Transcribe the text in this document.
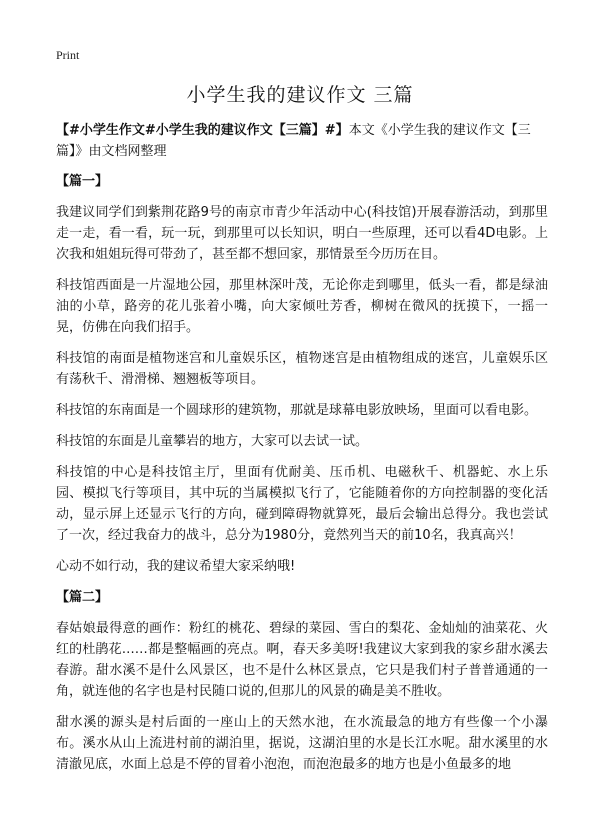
Print
小学生我的建议作文 三篇

【#小学生作文#小学生我的建议作文【三篇】#】本文《小学生我的建议作文【三篇】》由文档网整理

【篇一】

我建议同学们到紫荆花路9号的南京市青少年活动中心(科技馆)开展春游活动，到那里走一走，看一看，玩一玩，到那里可以长知识，明白一些原理，还可以看4D电影。上次我和姐姐玩得可带劲了，甚至都不想回家，那情景至今历历在目。

科技馆西面是一片湿地公园，那里林深叶茂，无论你走到哪里，低头一看，都是绿油油的小草，路旁的花儿张着小嘴，向大家倾吐芳香，柳树在微风的抚摸下，一摇一晃，仿佛在向我们招手。

科技馆的南面是植物迷宫和儿童娱乐区，植物迷宫是由植物组成的迷宫，儿童娱乐区有荡秋千、滑滑梯、翘翘板等项目。

科技馆的东南面是一个圆球形的建筑物，那就是球幕电影放映场，里面可以看电影。

科技馆的东面是儿童攀岩的地方，大家可以去试一试。

科技馆的中心是科技馆主厅，里面有优耐美、压币机、电磁秋千、机器蛇、水上乐园、模拟飞行等项目，其中玩的当属模拟飞行了，它能随着你的方向控制器的变化活动，显示屏上还显示飞行的方向，碰到障碍物就算死，最后会输出总得分。我也尝试了一次，经过我奋力的战斗，总分为1980分，竟然列当天的前10名，我真高兴！

心动不如行动，我的建议希望大家采纳哦!

【篇二】

春姑娘最得意的画作：粉红的桃花、碧绿的菜园、雪白的梨花、金灿灿的油菜花、火红的杜鹃花……都是整幅画的亮点。啊，春天多美呀!我建议大家到我的家乡甜水溪去春游。甜水溪不是什么风景区，也不是什么林区景点，它只是我们村子普普通通的一角，就连他的名字也是村民随口说的,但那儿的风景的确是美不胜收。

甜水溪的源头是村后面的一座山上的天然水池，在水流最急的地方有些像一个小瀑布。溪水从山上流进村前的湖泊里，据说，这湖泊里的水是长江水呢。甜水溪里的水清澈见底，水面上总是不停的冒着小泡泡，而泡泡最多的地方也是小鱼最多的地
